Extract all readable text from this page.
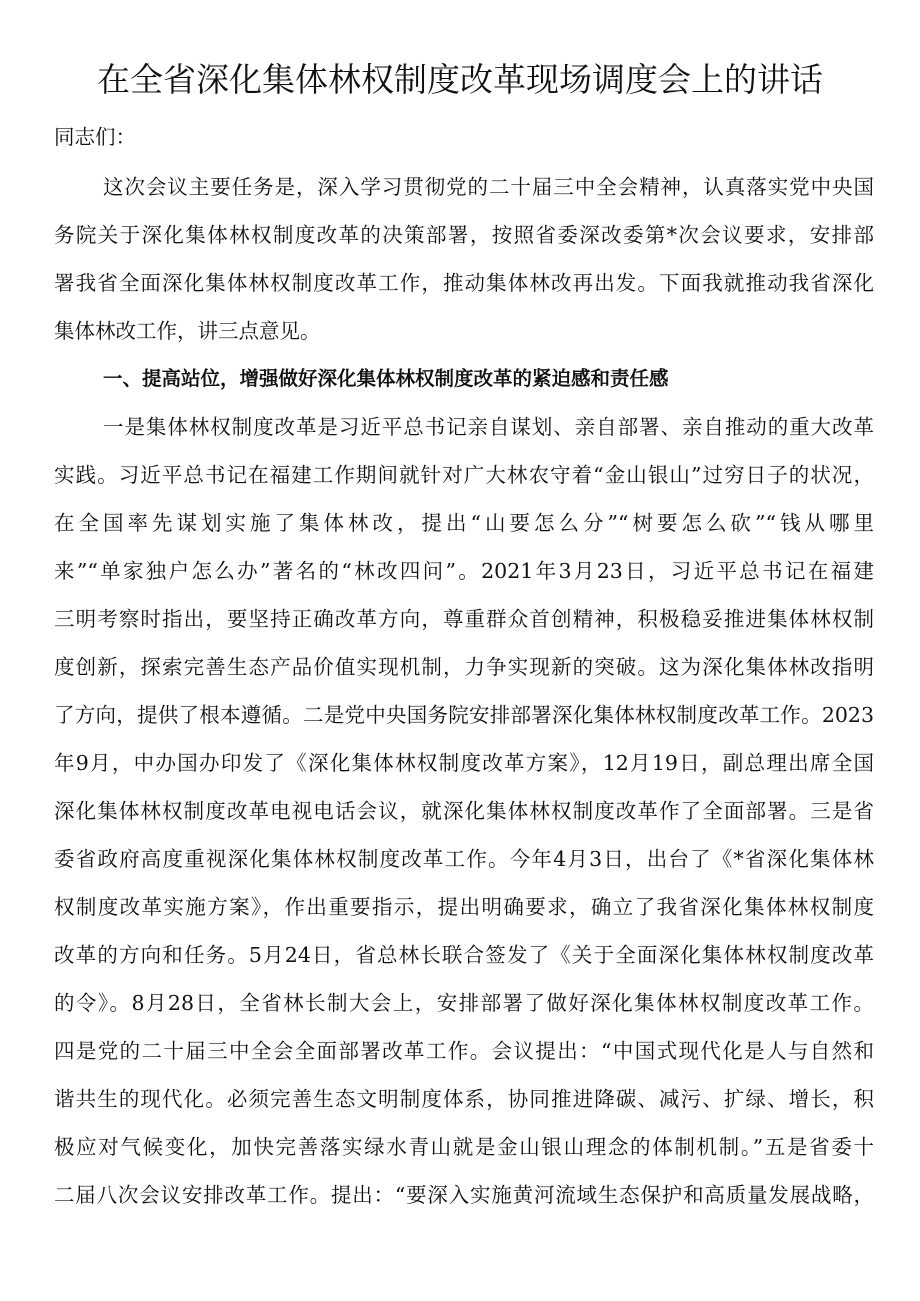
在全省深化集体林权制度改革现场调度会上的讲话
同志们：
这次会议主要任务是，深入学习贯彻党的二十届三中全会精神，认真落实党中央国
务院关于深化集体林权制度改革的决策部署，按照省委深改委第*次会议要求，安排部
署我省全面深化集体林权制度改革工作，推动集体林改再出发。下面我就推动我省深化
集体林改工作，讲三点意见。
一、提高站位，增强做好深化集体林权制度改革的紧迫感和责任感
一是集体林权制度改革是习近平总书记亲自谋划、亲自部署、亲自推动的重大改革
实践。习近平总书记在福建工作期间就针对广大林农守着“金山银山”过穷日子的状况，
在全国率先谋划实施了集体林改，提出“山要怎么分”“树要怎么砍”“钱从哪里
来”“单家独户怎么办”著名的“林改四问”。2021年3月23日，习近平总书记在福建
三明考察时指出，要坚持正确改革方向，尊重群众首创精神，积极稳妥推进集体林权制
度创新，探索完善生态产品价值实现机制，力争实现新的突破。这为深化集体林改指明
了方向，提供了根本遵循。二是党中央国务院安排部署深化集体林权制度改革工作。2023
年9月，中办国办印发了《深化集体林权制度改革方案》，12月19日，副总理出席全国
深化集体林权制度改革电视电话会议，就深化集体林权制度改革作了全面部署。三是省
委省政府高度重视深化集体林权制度改革工作。今年4月3日，出台了《*省深化集体林
权制度改革实施方案》，作出重要指示，提出明确要求，确立了我省深化集体林权制度
改革的方向和任务。5月24日，省总林长联合签发了《关于全面深化集体林权制度改革
的令》。8月28日，全省林长制大会上，安排部署了做好深化集体林权制度改革工作。
四是党的二十届三中全会全面部署改革工作。会议提出：“中国式现代化是人与自然和
谐共生的现代化。必须完善生态文明制度体系，协同推进降碳、减污、扩绿、增长，积
极应对气候变化，加快完善落实绿水青山就是金山银山理念的体制机制。”五是省委十
二届八次会议安排改革工作。提出：“要深入实施黄河流域生态保护和高质量发展战略，
